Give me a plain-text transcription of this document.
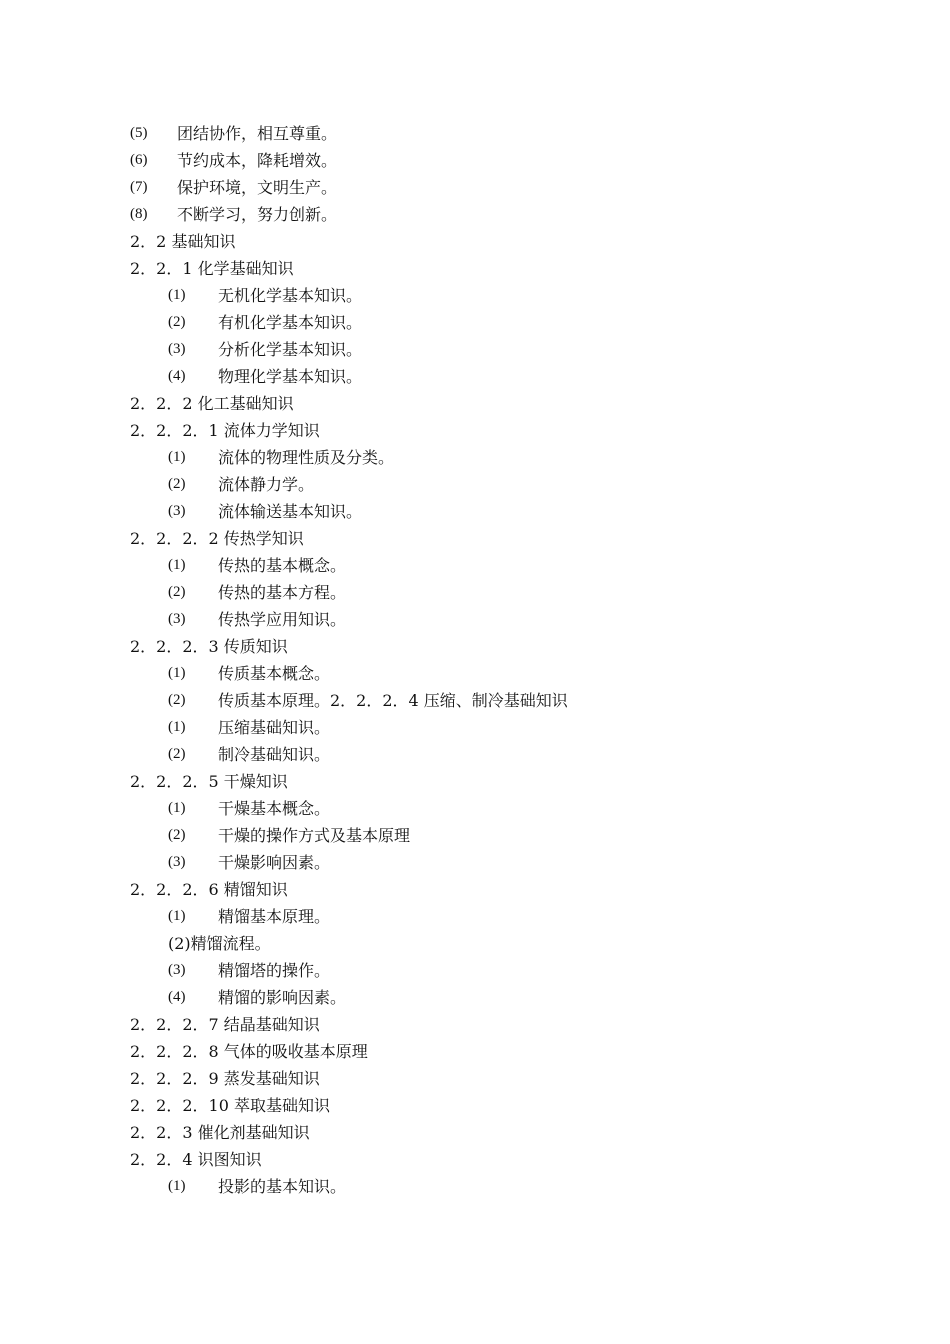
(5) 团结协作，相互尊重。
(6) 节约成本，降耗增效。
(7) 保护环境，文明生产。
(8) 不断学习，努力创新。
2．2 基础知识
2．2．1 化学基础知识
(1) 无机化学基本知识。
(2) 有机化学基本知识。
(3) 分析化学基本知识。
(4) 物理化学基本知识。
2．2．2 化工基础知识
2．2．2．1 流体力学知识
(1) 流体的物理性质及分类。
(2) 流体静力学。
(3) 流体输送基本知识。
2．2．2．2 传热学知识
(1) 传热的基本概念。
(2) 传热的基本方程。
(3) 传热学应用知识。
2．2．2．3 传质知识
(1) 传质基本概念。
(2) 传质基本原理。2．2．2．4 压缩、制冷基础知识
(1) 压缩基础知识。
(2) 制冷基础知识。
2．2．2．5 干燥知识
(1) 干燥基本概念。
(2) 干燥的操作方式及基本原理
(3) 干燥影响因素。
2．2．2．6 精馏知识
(1) 精馏基本原理。
(2)精馏流程。
(3) 精馏塔的操作。
(4) 精馏的影响因素。
2．2．2．7 结晶基础知识
2．2．2．8 气体的吸收基本原理
2．2．2．9 蒸发基础知识
2．2．2．10 萃取基础知识
2．2．3 催化剂基础知识
2．2．4 识图知识
(1) 投影的基本知识。
